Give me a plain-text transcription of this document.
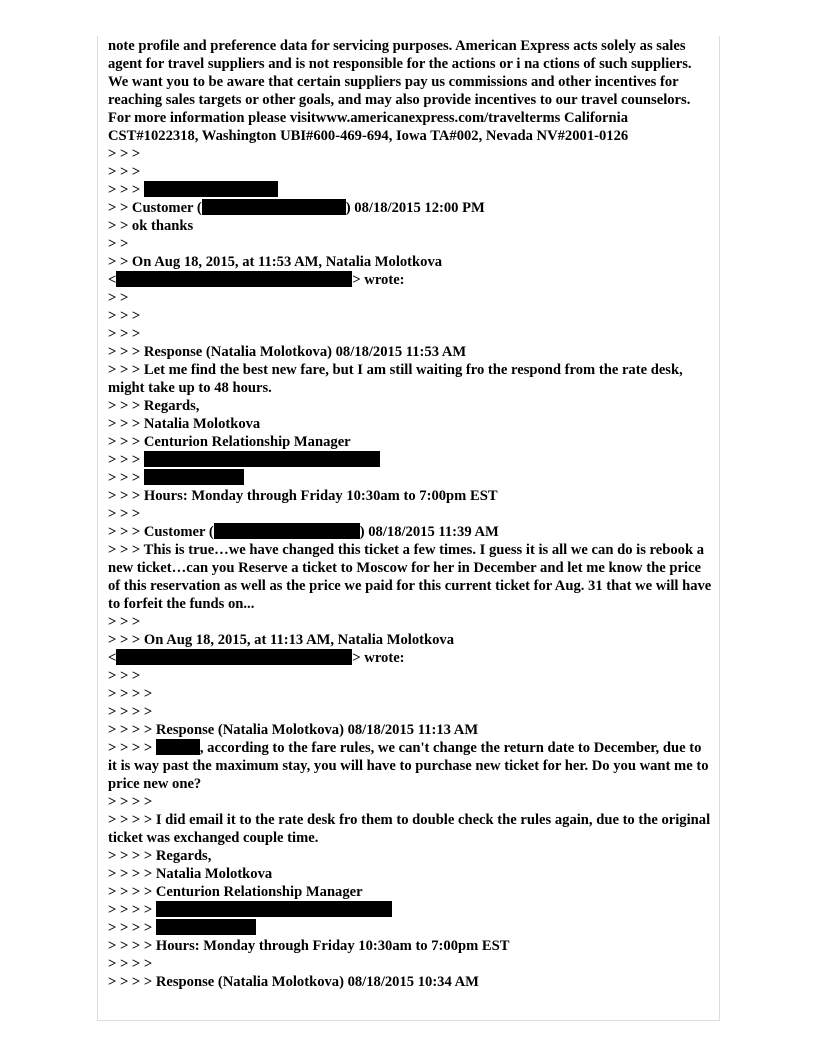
note profile and preference data for servicing purposes. American Express acts solely as sales agent for travel suppliers and is not responsible for the actions or i na ctions of such suppliers. We want you to be aware that certain suppliers pay us commissions and other incentives for reaching sales targets or other goals, and may also provide incentives to our travel counselors. For more information please visitwww.americanexpress.com/travelterms California CST#1022318, Washington UBI#600-469-694, Iowa TA#002, Nevada NV#2001-0126
> > >
> > >
> > >
> > Customer (	) 08/18/2015 12:00 PM
> > ok thanks
> >
> > On Aug 18, 2015, at 11:53 AM, Natalia Molotkova
<	> wrote:
> >
> > >
> > >
> > > Response (Natalia Molotkova) 08/18/2015 11:53 AM
> > > Let me find the best new fare, but I am still waiting fro the respond from the rate desk, might take up to 48 hours.
> > > Regards,
> > > Natalia Molotkova
> > > Centurion Relationship Manager
> > >
> > >
> > > Hours: Monday through Friday 10:30am to 7:00pm EST
> > >
> > > Customer (	) 08/18/2015 11:39 AM
> > > This is true…we have changed this ticket a few times. I guess it is all we can do is rebook a new ticket…can you Reserve a ticket to Moscow for her in December and let me know the price of this reservation as well as the price we paid for this current ticket for Aug. 31 that we will have to forfeit the funds on...
> > >
> > > On Aug 18, 2015, at 11:13 AM, Natalia Molotkova
<	> wrote:
> > >
> > > >
> > > >
> > > > Response (Natalia Molotkova) 08/18/2015 11:13 AM
> > > >	, according to the fare rules, we can't change the return date to December, due to it is way past the maximum stay, you will have to purchase new ticket for her. Do you want me to price new one?
> > > >
> > > > I did email it to the rate desk fro them to double check the rules again, due to the original ticket was exchanged couple time.
> > > > Regards,
> > > > Natalia Molotkova
> > > > Centurion Relationship Manager
> > > >
> > > >
> > > > Hours: Monday through Friday 10:30am to 7:00pm EST
> > > >
> > > > Response (Natalia Molotkova) 08/18/2015 10:34 AM
